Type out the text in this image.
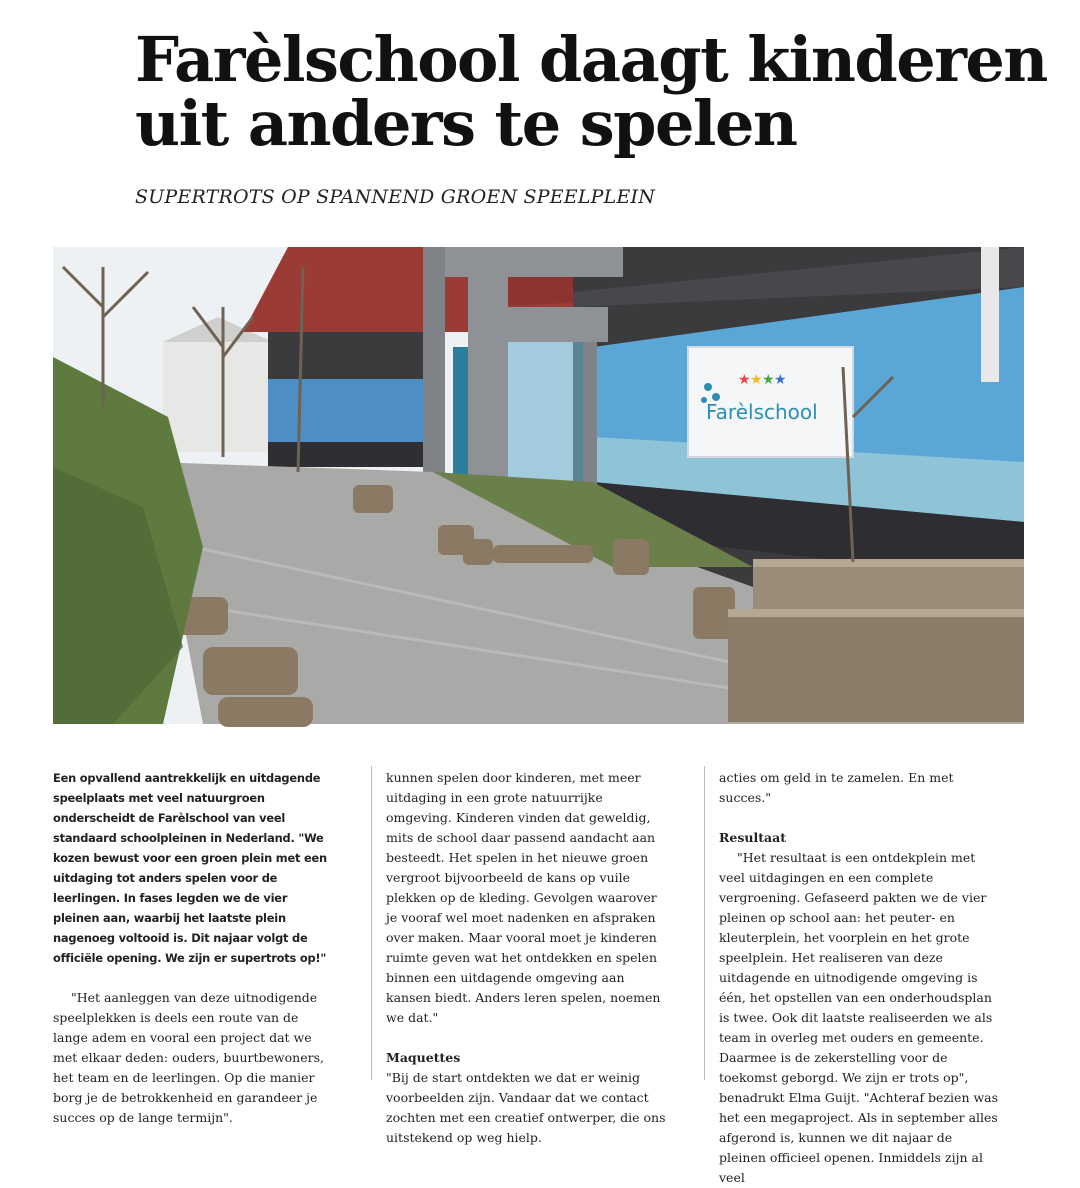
Farèlschool daagt kinderen uit anders te spelen

SUPERTROTS OP SPANNEND GROEN SPEELPLEIN

★ ★ ★ ★
Farèlschool

Een opvallend aantrekkelijk en uitdagende speelplaats met veel natuurgroen onderscheidt de Farèlschool van veel standaard schoolpleinen in Nederland. "We kozen bewust voor een groen plein met een uitdaging tot anders spelen voor de leerlingen. In fases legden we de vier pleinen aan, waarbij het laatste plein nagenoeg voltooid is. Dit najaar volgt de officiële opening. We zijn er supertrots op!"

"Het aanleggen van deze uitnodigende speelplekken is deels een route van de lange adem en vooral een project dat we met elkaar deden: ouders, buurtbewoners, het team en de leerlingen. Op die manier borg je de betrokkenheid en garandeer je succes op de lange termijn".

kunnen spelen door kinderen, met meer uitdaging in een grote natuurrijke omgeving. Kinderen vinden dat geweldig, mits de school daar passend aandacht aan besteedt. Het spelen in het nieuwe groen vergroot bijvoorbeeld de kans op vuile plekken op de kleding. Gevolgen waarover je vooraf wel moet nadenken en afspraken over maken. Maar vooral moet je kinderen ruimte geven wat het ontdekken en spelen binnen een uitdagende omgeving aan kansen biedt. Anders leren spelen, noemen we dat."

Maquettes

"Bij de start ontdekten we dat er weinig voorbeelden zijn. Vandaar dat we contact zochten met een creatief ontwerper, die ons uitstekend op weg hielp.

acties om geld in te zamelen. En met succes."

Resultaat

"Het resultaat is een ontdekplein met veel uitdagingen en een complete vergroening. Gefaseerd pakten we de vier pleinen op school aan: het peuter- en kleuterplein, het voorplein en het grote speelplein. Het realiseren van deze uitdagende en uitnodigende omgeving is één, het opstellen van een onderhoudsplan is twee. Ook dit laatste realiseerden we als team in overleg met ouders en gemeente. Daarmee is de zekerstelling voor de toekomst geborgd. We zijn er trots op", benadrukt Elma Guijt. "Achteraf bezien was het een megaproject. Als in september alles afgerond is, kunnen we dit najaar de pleinen officieel openen. Inmiddels zijn al veel
